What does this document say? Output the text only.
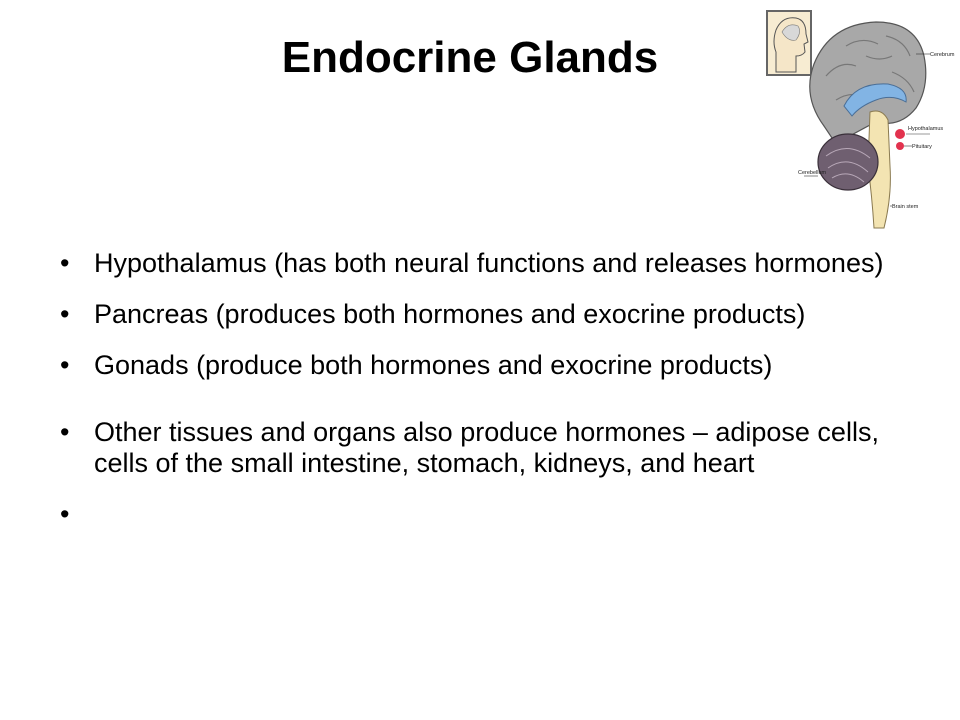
Endocrine Glands	Cerebrum
Hypothalamus
Pituitary
Cerebellum
Brain stem
• Hypothalamus (has both neural functions and releases hormones)
• Pancreas (produces both hormones and exocrine products)
• Gonads (produce both hormones and exocrine products)
• Other tissues and organs also produce hormones – adipose cells, cells of the small intestine, stomach, kidneys, and heart
•
